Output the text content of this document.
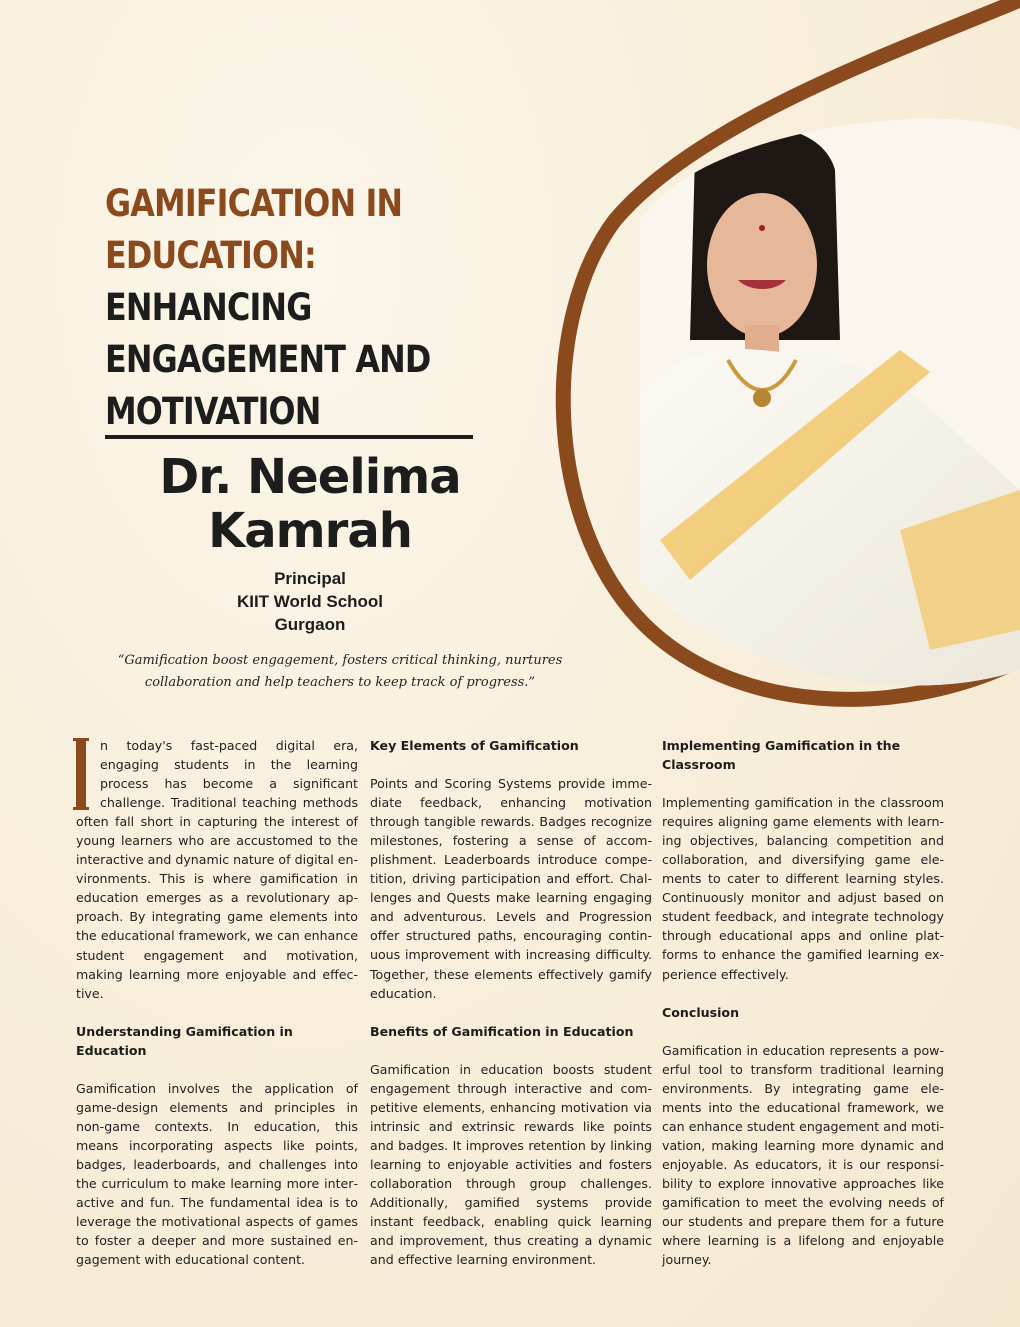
GAMIFICATION IN
EDUCATION:
ENHANCING
ENGAGEMENT AND
MOTIVATION
Dr. Neelima
Kamrah
Principal
KIIT World School
Gurgaon
“Gamification boost engagement, fosters critical thinking, nurtures
collaboration and help teachers to keep track of progress.”

n today's fast-paced digital era, engaging students in the learning process has become a significant challenge. Traditional teaching methods often fall short in capturing the interest of young learners who are accustomed to the interactive and dynamic nature of digital environments. This is where gamification in education emerges as a revolutionary approach. By integrating game elements into the educational framework, we can enhance student engagement and motivation, making learning more enjoyable and effective.

Understanding Gamification in Education

Gamification involves the application of game-design elements and principles in non-game contexts. In education, this means incorporating aspects like points, badges, leaderboards, and challenges into the curriculum to make learning more interactive and fun. The fundamental idea is to leverage the motivational aspects of games to foster a deeper and more sustained engagement with educational content.

Key Elements of Gamification

Points and Scoring Systems provide immediate feedback, enhancing motivation through tangible rewards. Badges recognize milestones, fostering a sense of accomplishment. Leaderboards introduce competition, driving participation and effort. Challenges and Quests make learning engaging and adventurous. Levels and Progression offer structured paths, encouraging continuous improvement with increasing difficulty. Together, these elements effectively gamify education.

Benefits of Gamification in Education

Gamification in education boosts student engagement through interactive and competitive elements, enhancing motivation via intrinsic and extrinsic rewards like points and badges. It improves retention by linking learning to enjoyable activities and fosters collaboration through group challenges. Additionally, gamified systems provide instant feedback, enabling quick learning and improvement, thus creating a dynamic and effective learning environment.

Implementing Gamification in the Classroom

Implementing gamification in the classroom requires aligning game elements with learning objectives, balancing competition and collaboration, and diversifying game elements to cater to different learning styles. Continuously monitor and adjust based on student feedback, and integrate technology through educational apps and online platforms to enhance the gamified learning experience effectively.

Conclusion

Gamification in education represents a powerful tool to transform traditional learning environments. By integrating game elements into the educational framework, we can enhance student engagement and motivation, making learning more dynamic and enjoyable. As educators, it is our responsibility to explore innovative approaches like gamification to meet the evolving needs of our students and prepare them for a future where learning is a lifelong and enjoyable journey.
